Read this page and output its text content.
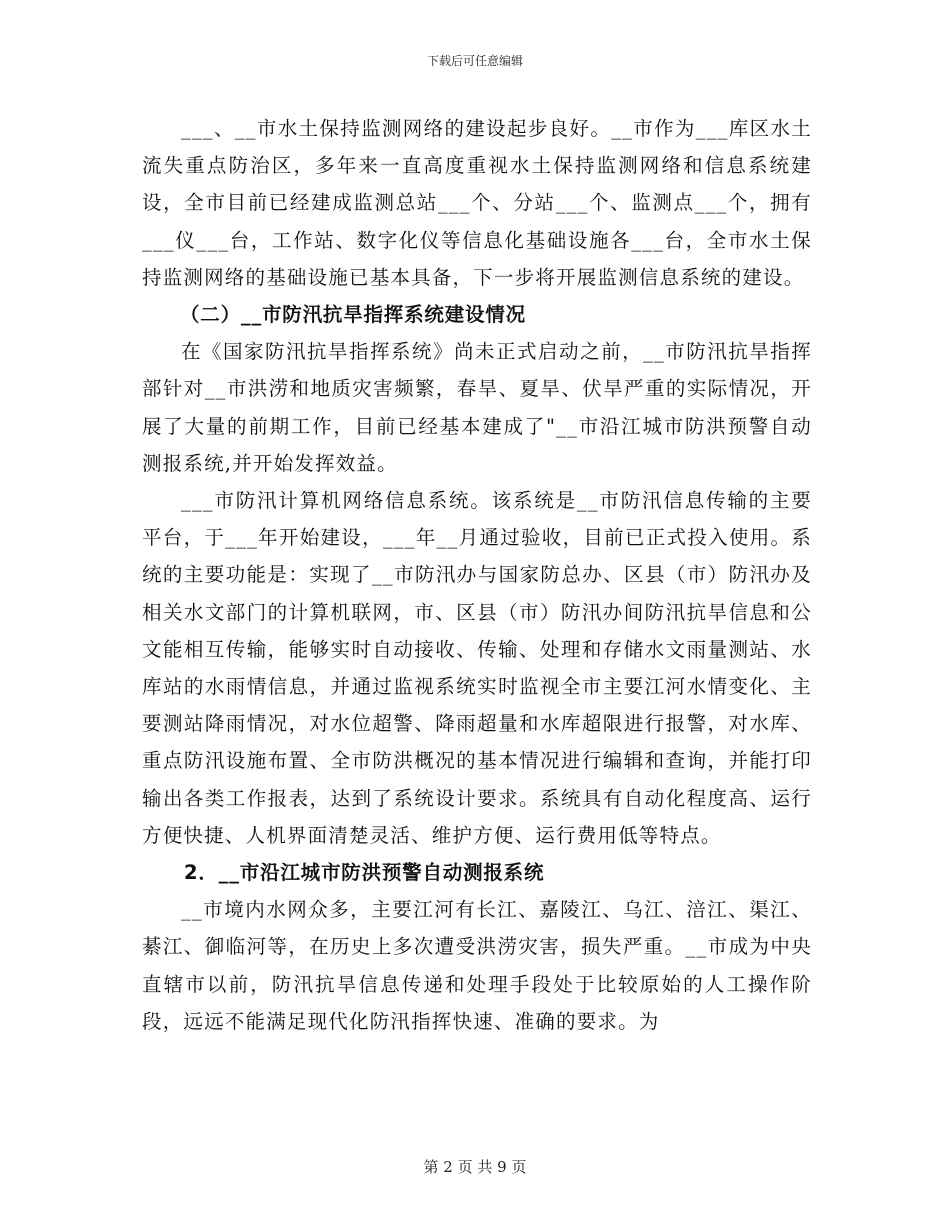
下载后可任意编辑

___、__市水土保持监测网络的建设起步良好。__市作为___库区水土流失重点防治区，多年来一直高度重视水土保持监测网络和信息系统建设，全市目前已经建成监测总站___个、分站___个、监测点___个，拥有___仪___台，工作站、数字化仪等信息化基础设施各___台，全市水土保持监测网络的基础设施已基本具备，下一步将开展监测信息系统的建设。

（二）__市防汛抗旱指挥系统建设情况

在《国家防汛抗旱指挥系统》尚未正式启动之前，__市防汛抗旱指挥部针对__市洪涝和地质灾害频繁，春旱、夏旱、伏旱严重的实际情况，开展了大量的前期工作，目前已经基本建成了"__市沿江城市防洪预警自动测报系统,并开始发挥效益。

___市防汛计算机网络信息系统。该系统是__市防汛信息传输的主要平台，于___年开始建设，___年__月通过验收，目前已正式投入使用。系统的主要功能是：实现了__市防汛办与国家防总办、区县（市）防汛办及相关水文部门的计算机联网，市、区县（市）防汛办间防汛抗旱信息和公文能相互传输，能够实时自动接收、传输、处理和存储水文雨量测站、水库站的水雨情信息，并通过监视系统实时监视全市主要江河水情变化、主要测站降雨情况，对水位超警、降雨超量和水库超限进行报警，对水库、重点防汛设施布置、全市防洪概况的基本情况进行编辑和查询，并能打印输出各类工作报表，达到了系统设计要求。系统具有自动化程度高、运行方便快捷、人机界面清楚灵活、维护方便、运行费用低等特点。

2．__市沿江城市防洪预警自动测报系统

__市境内水网众多，主要江河有长江、嘉陵江、乌江、涪江、渠江、綦江、御临河等，在历史上多次遭受洪涝灾害，损失严重。__市成为中央直辖市以前，防汛抗旱信息传递和处理手段处于比较原始的人工操作阶段，远远不能满足现代化防汛指挥快速、准确的要求。为

第 2 页 共 9 页
